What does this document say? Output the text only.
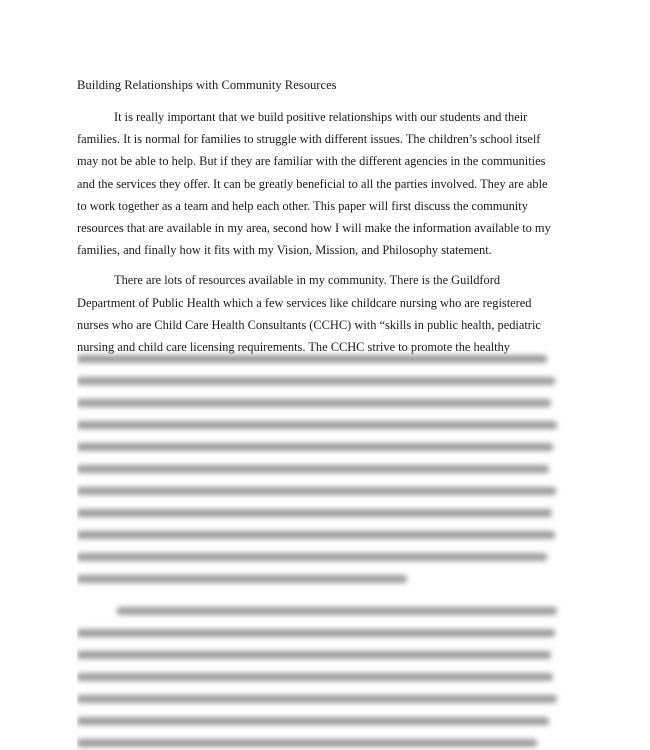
Building Relationships with Community Resources

It is really important that we build positive relationships with our students and their
families. It is normal for families to struggle with different issues. The children’s school itself
may not be able to help. But if they are familiar with the different agencies in the communities
and the services they offer. It can be greatly beneficial to all the parties involved. They are able
to work together as a team and help each other. This paper will first discuss the community
resources that are available in my area, second how I will make the information available to my
families, and finally how it fits with my Vision, Mission, and Philosophy statement.

There are lots of resources available in my community. There is the Guildford
Department of Public Health which a few services like childcare nursing who are registered
nurses who are Child Care Health Consultants (CCHC) with “skills in public health, pediatric
nursing and child care licensing requirements. The CCHC strive to promote the healthy
